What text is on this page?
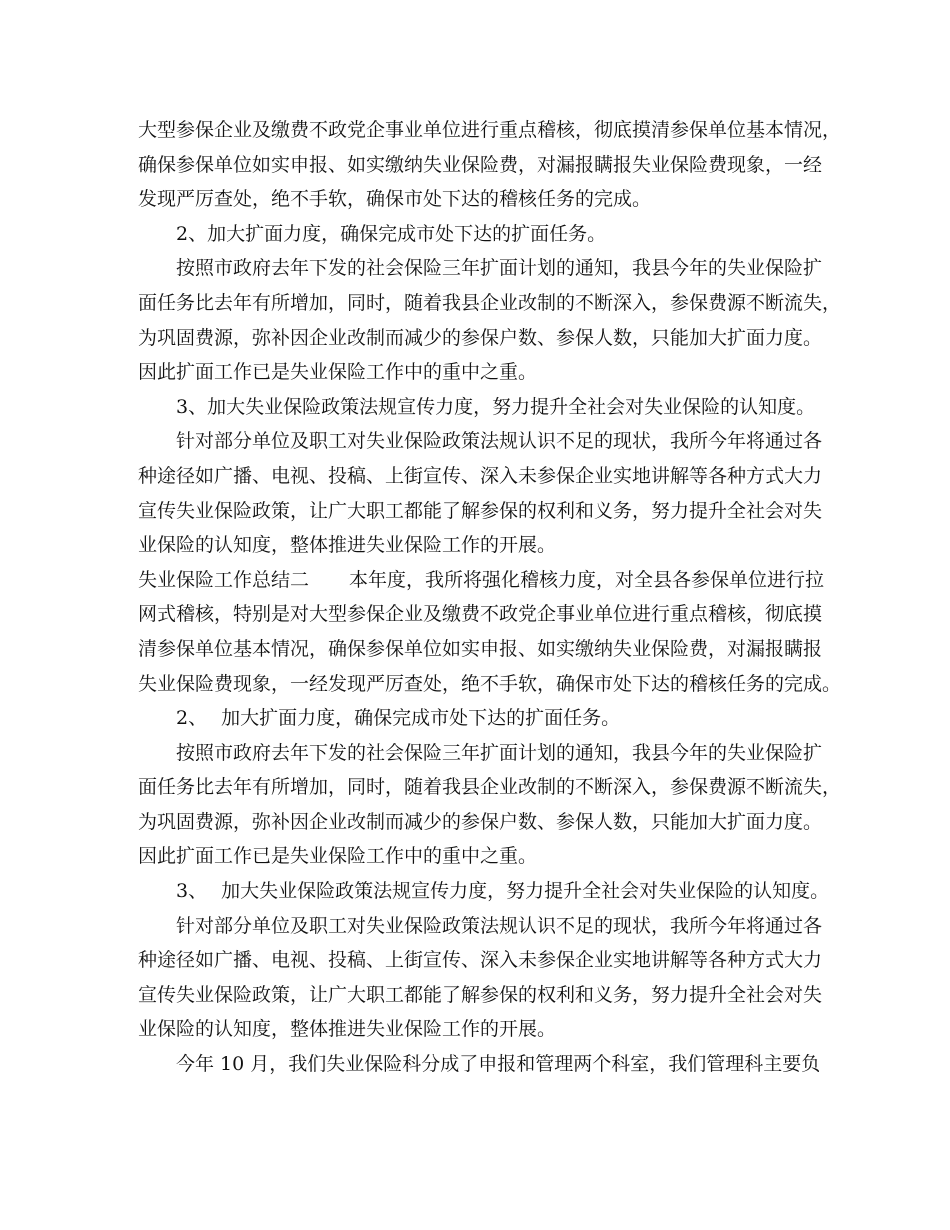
大型参保企业及缴费不政党企事业单位进行重点稽核，彻底摸清参保单位基本情况，
确保参保单位如实申报、如实缴纳失业保险费，对漏报瞒报失业保险费现象，一经
发现严厉查处，绝不手软，确保市处下达的稽核任务的完成。
2、加大扩面力度，确保完成市处下达的扩面任务。
按照市政府去年下发的社会保险三年扩面计划的通知，我县今年的失业保险扩
面任务比去年有所增加，同时，随着我县企业改制的不断深入，参保费源不断流失，
为巩固费源，弥补因企业改制而减少的参保户数、参保人数，只能加大扩面力度。
因此扩面工作已是失业保险工作中的重中之重。
3、加大失业保险政策法规宣传力度，努力提升全社会对失业保险的认知度。
针对部分单位及职工对失业保险政策法规认识不足的现状，我所今年将通过各
种途径如广播、电视、投稿、上街宣传、深入未参保企业实地讲解等各种方式大力
宣传失业保险政策，让广大职工都能了解参保的权利和义务，努力提升全社会对失
业保险的认知度，整体推进失业保险工作的开展。
失业保险工作总结二 本年度，我所将强化稽核力度，对全县各参保单位进行拉
网式稽核，特别是对大型参保企业及缴费不政党企事业单位进行重点稽核，彻底摸
清参保单位基本情况，确保参保单位如实申报、如实缴纳失业保险费，对漏报瞒报
失业保险费现象，一经发现严厉查处，绝不手软，确保市处下达的稽核任务的完成。
2、 加大扩面力度，确保完成市处下达的扩面任务。
按照市政府去年下发的社会保险三年扩面计划的通知，我县今年的失业保险扩
面任务比去年有所增加，同时，随着我县企业改制的不断深入，参保费源不断流失，
为巩固费源，弥补因企业改制而减少的参保户数、参保人数，只能加大扩面力度。
因此扩面工作已是失业保险工作中的重中之重。
3、 加大失业保险政策法规宣传力度，努力提升全社会对失业保险的认知度。
针对部分单位及职工对失业保险政策法规认识不足的现状，我所今年将通过各
种途径如广播、电视、投稿、上街宣传、深入未参保企业实地讲解等各种方式大力
宣传失业保险政策，让广大职工都能了解参保的权利和义务，努力提升全社会对失
业保险的认知度，整体推进失业保险工作的开展。
今年 10 月，我们失业保险科分成了申报和管理两个科室，我们管理科主要负
